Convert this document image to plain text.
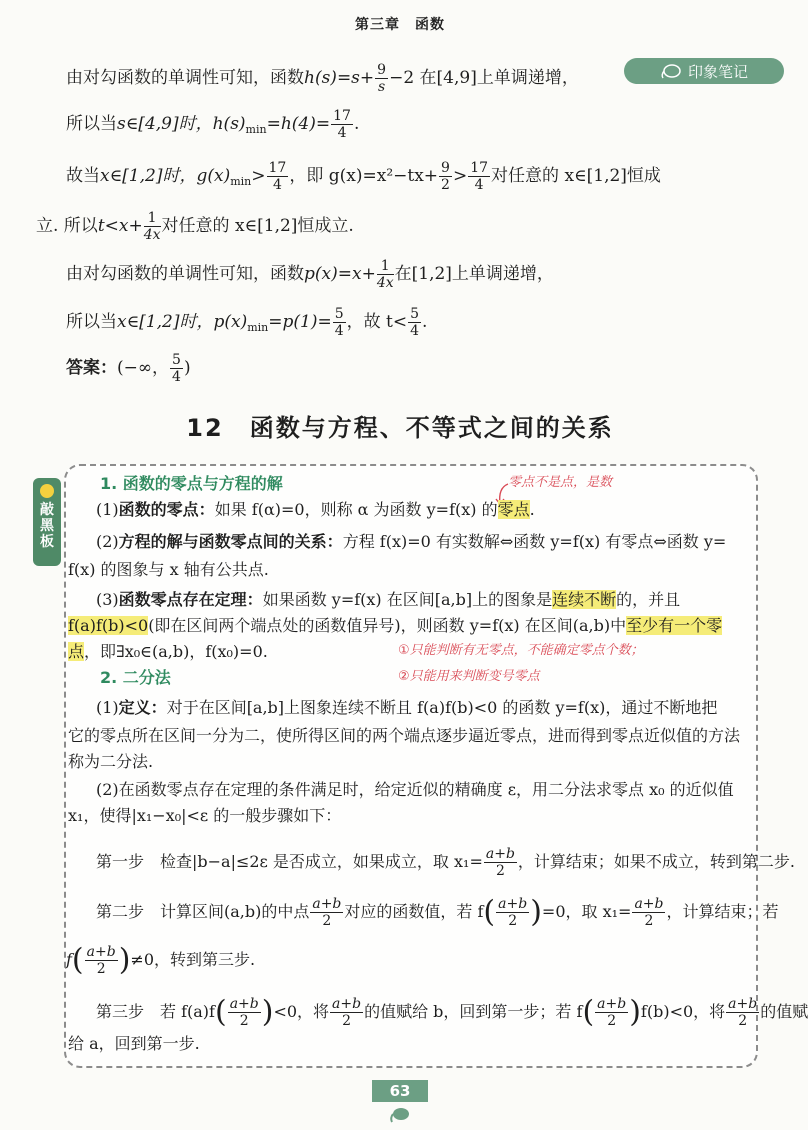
第三章　函数
印象笔记
由对勾函数的单调性可知，函数$h(s)=s+ \frac{9}{s} -2$ 在[4,9]上单调递增，
所以当s∈[4,9]时，$h(s)_{min}=h(4)= \frac{17}{4}$ .
故当x∈[1,2]时，$g(x)_{min}> \frac{17}{4}$ ，即 $g(x)=x^2-tx+ \frac{9}{2} > \frac{17}{4}$ 对任意的 x∈[1,2]恒成
立. 所以$t<x+ \frac{1}{4x}$ 对任意的 x∈[1,2]恒成立.
由对勾函数的单调性可知，函数$p(x)=x+ \frac{1}{4x}$ 在[1,2]上单调递增，
所以当x∈[1,2]时，$p(x)_{min}=p(1)= \frac{5}{4}$ ，故 $t< \frac{5}{4}$ .
答案：(−∞， $\frac{5}{4}$ )
12　函数与方程、不等式之间的关系
敲
黑
板
1. 函数的零点与方程的解	零点不是点，是数
(1)函数的零点：如果 f(α)=0，则称 α 为函数 y=f(x) 的零点.
(2)方程的解与函数零点间的关系：方程 f(x)=0 有实数解⇔函数 y=f(x) 有零点⇔函数 y=
f(x) 的图象与 x 轴有公共点.
(3)函数零点存在定理：如果函数 y=f(x) 在区间[a,b]上的图象是连续不断的，并且
f(a)f(b)<0(即在区间两个端点处的函数值异号)，则函数 y=f(x) 在区间(a,b)中至少有一个零
点，即∃x₀∈(a,b)，f(x₀)=0.	①只能判断有无零点，不能确定零点个数；
2. 二分法	②只能用来判断变号零点
(1)定义：对于在区间[a,b]上图象连续不断且 f(a)f(b)<0 的函数 y=f(x)，通过不断地把
它的零点所在区间一分为二，使所得区间的两个端点逐步逼近零点，进而得到零点近似值的方法
称为二分法.
(2)在函数零点存在定理的条件满足时，给定近似的精确度 ε，用二分法求零点 x₀ 的近似值
x₁，使得|x₁−x₀|<ε 的一般步骤如下：
第一步　检查|b−a|≤2ε 是否成立，如果成立，取 $x_1= \frac{a+b}{2}$ ，计算结束；如果不成立，转到第二步.
第二步　计算区间(a,b)的中点 $\frac{a+b}{2}$ 对应的函数值，若 $f( \frac{a+b}{2} )=0$，取 $x_1= \frac{a+b}{2}$ ，计算结束；若
$f( \frac{a+b}{2} )\ne 0$，转到第三步.
第三步　若 $f(a)f( \frac{a+b}{2} )<0$，将 $\frac{a+b}{2}$ 的值赋给 b，回到第一步；若 $f( \frac{a+b}{2} )f(b)<0$，将 $\frac{a+b}{2}$ 的值赋
给 a，回到第一步.
63
